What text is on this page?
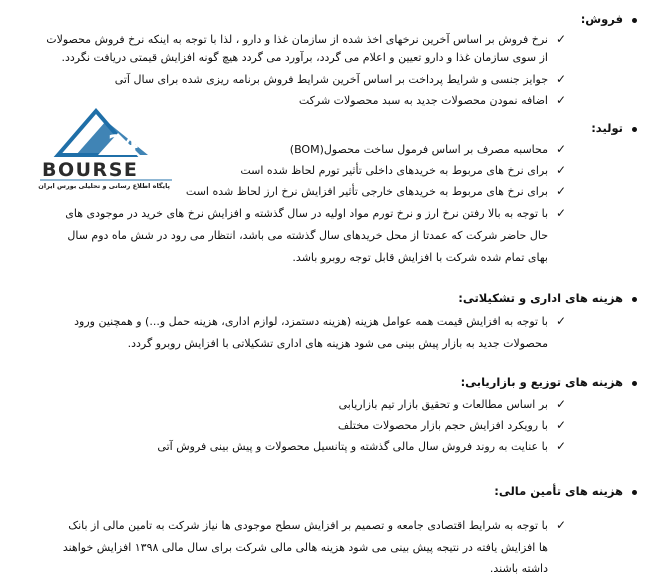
فروش:
✓
نرخ فروش بر اساس آخرین نرخهای اخذ شده از سازمان غذا و دارو ، لذا با توجه به اینکه نرخ فروش محصولات
از سوی سازمان غذا و دارو تعیین و اعلام می گردد، برآورد می گردد هیچ گونه افزایش قیمتی دریافت نگردد.
✓
جوایز جنسی و شرایط پرداخت بر اساس آخرین شرایط فروش برنامه ریزی شده برای سال آتی
✓
اضافه نمودن محصولات جدید به سبد محصولات شرکت
24
BOURSE
پایگاه اطلاع رسانی و تحلیلی بورس ایران
تولید:
✓
محاسبه مصرف بر اساس فرمول ساخت محصول(BOM)
✓
برای نرخ های مربوط به خریدهای داخلی تأثیر تورم لحاظ شده است
✓
برای نرخ های مربوط به خریدهای خارجی تأثیر افزایش نرخ ارز لحاظ شده است
✓
با توجه به بالا رفتن نرخ ارز و نرخ تورم مواد اولیه در سال گذشته و افزایش نرخ های خرید در موجودی های
حال حاضر شرکت که عمدتا از محل خریدهای سال گذشته می باشد، انتظار می رود در شش ماه دوم سال
بهای تمام شده شرکت با افزایش قابل توجه روبرو باشد.
هزینه های اداری و تشکیلاتی:
✓
با توجه به افزایش قیمت همه عوامل هزینه (هزینه دستمزد، لوازم اداری، هزینه حمل و...) و همچنین ورود
محصولات جدید به بازار پیش بینی می شود هزینه های اداری تشکیلاتی با افزایش روبرو گردد.
هزینه های توزیع و بازاریابی:
✓
بر اساس مطالعات و تحقیق بازار تیم بازاریابی
✓
با رویکرد افزایش حجم بازار محصولات مختلف
✓
با عنایت به روند فروش سال مالی گذشته و پتانسیل محصولات و پیش بینی فروش آتی
هزینه های تأمین مالی:
✓
با توجه به شرایط اقتصادی جامعه و تصمیم بر افزایش سطح موجودی ها نیاز شرکت به تامین مالی از بانک
ها افزایش یافته در نتیجه پیش بینی می شود هزینه هالی مالی شرکت برای سال مالی ۱۳۹۸ افزایش خواهند
داشته باشند.
